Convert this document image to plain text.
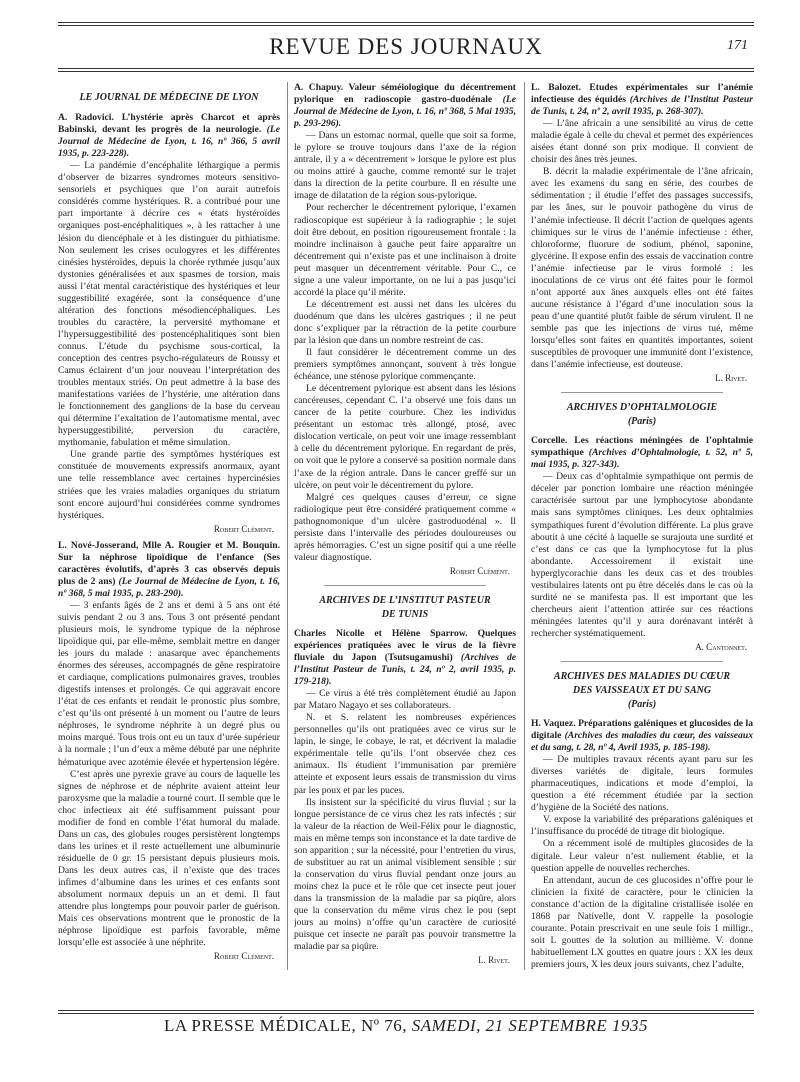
REVUE DES JOURNAUX	171
LE JOURNAL DE MÉDECINE DE LYON
A. Radovici. L’hystérie après Charcot et après Babinski, devant les progrès de la neurologie. (Le Journal de Médecine de Lyon, t. 16, nº 366, 5 avril 1935, p. 223-228).

— La pandémie d’encéphalite léthargique a permis d’observer de bizarres syndromes moteurs sensitivo-sensoriels et psychiques que l’on aurait autrefois considérés comme hystériques. R. a contribué pour une part importante à décrire ces « états hystéroïdes organiques post-encéphalitiques », à les rattacher à une lésion du diencéphale et à les distinguer du pithiatisme. Non seulement les crises oculogyres et les différentes cinésies hystéroïdes, depuis la chorée rythmée jusqu’aux dystonies généralisées et aux spasmes de torsion, mais aussi l’état mental caractéristique des hystériques et leur suggestibilité exagérée, sont la conséquence d’une altération des fonctions mésodiencéphaliques. Les troubles du caractère, la perversité mythomane et l’hypersuggestibilité des postencéphalitiques sont bien connus. L’étude du psychisme sous-cortical, la conception des centres psycho-régulateurs de Roussy et Camus éclairent d’un jour nouveau l’interprétation des troubles mentaux striés. On peut admettre à la base des manifestations variées de l’hystérie, une altération dans le fonctionnement des ganglions de la base du cerveau qui détermine l’exaltation de l’automatisme mental, avec hypersuggestibilité, perversion du caractère, mythomanie, fabulation et même simulation.

Une grande partie des symptômes hystériques est constituée de mouvements expressifs anormaux, ayant une telle ressemblance avec certaines hypercinésies striées que les vraies maladies organiques du striatum sont encore aujourd’hui considérées comme syndromes hystériques.

Robert Clément.
L. Nové-Josserand, Mlle A. Rougier et M. Bouquin. Sur la néphrose lipoïdique de l’enfance (Ses caractères évolutifs, d’après 3 cas observés depuis plus de 2 ans) (Le Journal de Médecine de Lyon, t. 16, nº 368, 5 mai 1935, p. 283-290).

— 3 enfants âgés de 2 ans et demi à 5 ans ont été suivis pendant 2 ou 3 ans. Tous 3 ont présenté pendant plusieurs mois, le syndrome typique de la néphrose lipoïdique qui, par elle-même, semblait mettre en danger les jours du malade : anasarque avec épanchements énormes des séreuses, accompagnés de gêne respiratoire et cardiaque, complications pulmonaires graves, troubles digestifs intenses et prolongés. Ce qui aggravait encore l’état de ces enfants et rendait le pronostic plus sombre, c’est qu’ils ont présenté à un moment ou l’autre de leurs néphroses, le syndrome néphrite à un degré plus ou moins marqué. Tous trois ont eu un taux d’urée supérieur à la normale ; l’un d’eux a même débuté par une néphrite hématurique avec azotémie élevée et hypertension légère.

C’est après une pyrexie grave au cours de laquelle les signes de néphrose et de néphrite avaient atteint leur paroxysme que la maladie a tourné court. Il semble que le choc infectieux ait été suffisamment puissant pour modifier de fond en comble l’état humoral du malade. Dans un cas, des globules rouges persistèrent longtemps dans les urines et il reste actuellement une albuminurie résiduelle de 0 gr. 15 persistant depuis plusieurs mois. Dans les deux autres cas, il n’existe que des traces infimes d’albumine dans les urines et ces enfants sont absolument normaux depuis un an et demi. Il faut attendre plus longtemps pour pouvoir parler de guérison. Mais ces observations montrent que le pronostic de la néphrose lipoïdique est parfois favorable, même lorsqu’elle est associée à une néphrite.

Robert Clément.
A. Chapuy. Valeur séméiologique du décentrement pylorique en radioscopie gastro-duodénale (Le Journal de Médecine de Lyon, t. 16, nº 368, 5 Mai 1935, p. 293-296).

— Dans un estomac normal, quelle que soit sa forme, le pylore se trouve toujours dans l’axe de la région antrale, il y a « décentrement » lorsque le pylore est plus ou moins attiré à gauche, comme remonté sur le trajet dans la direction de la petite courbure. Il en résulte une image de dilatation de la région sous-pylorique.

Pour rechercher le décentrement pylorique, l’examen radioscopique est supérieur à la radiographie ; le sujet doit être debout, en position rigoureusement frontale : la moindre inclinaison à gauche peut faire apparaître un décentrement qui n’existe pas et une inclinaison à droite peut masquer un décentrement véritable. Pour C., ce signe a une valeur importante, on ne lui a pas jusqu’ici accordé la place qu’il mérite.

Le décentrement est aussi net dans les ulcères du duodénum que dans les ulcères gastriques ; il ne peut donc s’expliquer par la rétraction de la petite courbure par la lésion que dans un nombre restreint de cas.

Il faut considérer le décentrement comme un des premiers symptômes annonçant, souvent à très longue échéance, une sténose pylorique commençante.

Le décentrement pylorique est absent dans les lésions cancéreuses, cependant C. l’a observé une fois dans un cancer de la petite courbure. Chez les individus présentant un estomac très allongé, ptosé, avec dislocation verticale, on peut voir une image ressemblant à celle du décentrement pylorique. En regardant de près, on voit que le pylore a conservé sa position normale dans l’axe de la région antrale. Dans le cancer greffé sur un ulcère, on peut voir le décentrement du pylore.

Malgré ces quelques causes d’erreur, ce signe radiologique peut être considéré pratiquement comme « pathognomonique d’un ulcère gastroduodénal ». Il persiste dans l’intervalle des périodes douloureuses ou après hémorragies. C’est un signe positif qui a une réelle valeur diagnostique.

Robert Clément.
ARCHIVES DE L’INSTITUT PASTEUR
DE TUNIS
Charles Nicolle et Hélène Sparrow. Quelques expériences pratiquées avec le virus de la fièvre fluviale du Japon (Tsutsugamushi) (Archives de l’Institut Pasteur de Tunis, t. 24, nº 2, avril 1935, p. 179-218).

— Ce virus a été très complètement étudié au Japon par Mataro Nagayo et ses collaborateurs.

N. et S. relatent les nombreuses expériences personnelles qu’ils ont pratiquées avec ce virus sur le lapin, le singe, le cobaye, le rat, et décrivent la maladie expérimentale telle qu’ils l’ont observée chez ces animaux. Ils étudient l’immunisation par première atteinte et exposent leurs essais de transmission du virus par les poux et par les puces.

Ils insistent sur la spécificité du virus fluvial ; sur la longue persistance de ce virus chez les rats infectés ; sur la valeur de la réaction de Weil-Félix pour le diagnostic, mais en même temps son inconstance et la date tardive de son apparition ; sur la nécessité, pour l’entretien du virus, de substituer au rat un animal visiblement sensible ; sur la conservation du virus fluvial pendant onze jours au moins chez la puce et le rôle que cet insecte peut jouer dans la transmission de la maladie par sa piqûre, alors que la conservation du même virus chez le pou (sept jours au moins) n’offre qu’un caractère de curiosité puisque cet insecte ne paraît pas pouvoir transmettre la maladie par sa piqûre.

L. Rivet.
L. Balozet. Etudes expérimentales sur l’anémie infectieuse des équidés (Archives de l’Institut Pasteur de Tunis, t. 24, nº 2, avril 1935, p. 268-307).

— L’âne africain a une sensibilité au virus de cette maladie égale à celle du cheval et permet des expériences aisées étant donné son prix modique. Il convient de choisir des ânes très jeunes.

B. décrit la maladie expérimentale de l’âne africain, avec les examens du sang en série, des courbes de sédimentation ; il étudie l’effet des passages successifs, par les ânes, sur le pouvoir pathogène du virus de l’anémie infectieuse. Il décrit l’action de quelques agents chimiques sur le virus de l’anémie infectieuse : éther, chloroforme, fluorure de sodium, phénol, saponine, glycérine. Il expose enfin des essais de vaccination contre l’anémie infectieuse par le virus formolé : les inoculations de ce virus ont été faites pour le formol n’ont apporté aux ânes auxquels elles ont été faites aucune résistance à l’égard d’une inoculation sous la peau d’une quantité plutôt faible de sérum virulent. Il ne semble pas que les injections de virus tué, même lorsqu’elles sont faites en quantités importantes, soient susceptibles de provoquer une immunité dont l’existence, dans l’anémie infectieuse, est douteuse.

L. Rivet.
ARCHIVES D’OPHTALMOLOGIE
(Paris)
Corcelle. Les réactions méningées de l’ophtalmie sympathique (Archives d’Ophtalmologie, t. 52, nº 5, mai 1935, p. 327-343).

— Deux cas d’ophtalmie sympathique ont permis de déceler par ponction lombaire une réaction méningée caractérisée surtout par une lymphocytose abondante mais sans symptômes cliniques. Les deux ophtalmies sympathiques furent d’évolution différente. La plus grave aboutit à une cécité à laquelle se surajouta une surdité et c’est dans ce cas que la lymphocytose fut la plus abondante. Accessoirement il existait une hyperglycorachie dans les deux cas et des troubles vestibulaires latents ont pu être décelés dans le cas où la surdité ne se manifesta pas. Il est important que les chercheurs aient l’attention attirée sur ces réactions méningées latentes qu’il y aura dorénavant intérêt à rechercher systématiquement.

A. Cantonnet.
ARCHIVES DES MALADIES DU CŒUR
DES VAISSEAUX ET DU SANG
(Paris)
H. Vaquez. Préparations galéniques et glucosides de la digitale (Archives des maladies du cœur, des vaisseaux et du sang, t. 28, nº 4, Avril 1935, p. 185-198).

— De multiples travaux récents ayant paru sur les diverses variétés de digitale, leurs formules pharmaceutiques, indications et mode d’emploi, la question a été récemment étudiée par la section d’hygiène de la Société des nations.

V. expose la variabilité des préparations galéniques et l’insuffisance du procédé de titrage dit biologique.

On a récemment isolé de multiples glucosides de la digitale. Leur valeur n’est nullement établie, et la question appelle de nouvelles recherches.

En attendant, aucun de ces glucosides n’offre pour le clinicien la fixité de caractère, pour le clinicien la constance d’action de la digitaline cristallisée isolée en 1868 par Nativelle, dont V. rappelle la posologie courante. Potain prescrivait en une seule fois 1 milligr., soit L gouttes de la solution au millième. V. donne habituellement LX gouttes en quatre jours : XX les deux premiers jours, X les deux jours suivants, chez l’adulte,

LA PRESSE MÉDICALE, Nº 76, SAMEDI, 21 SEPTEMBRE 1935
